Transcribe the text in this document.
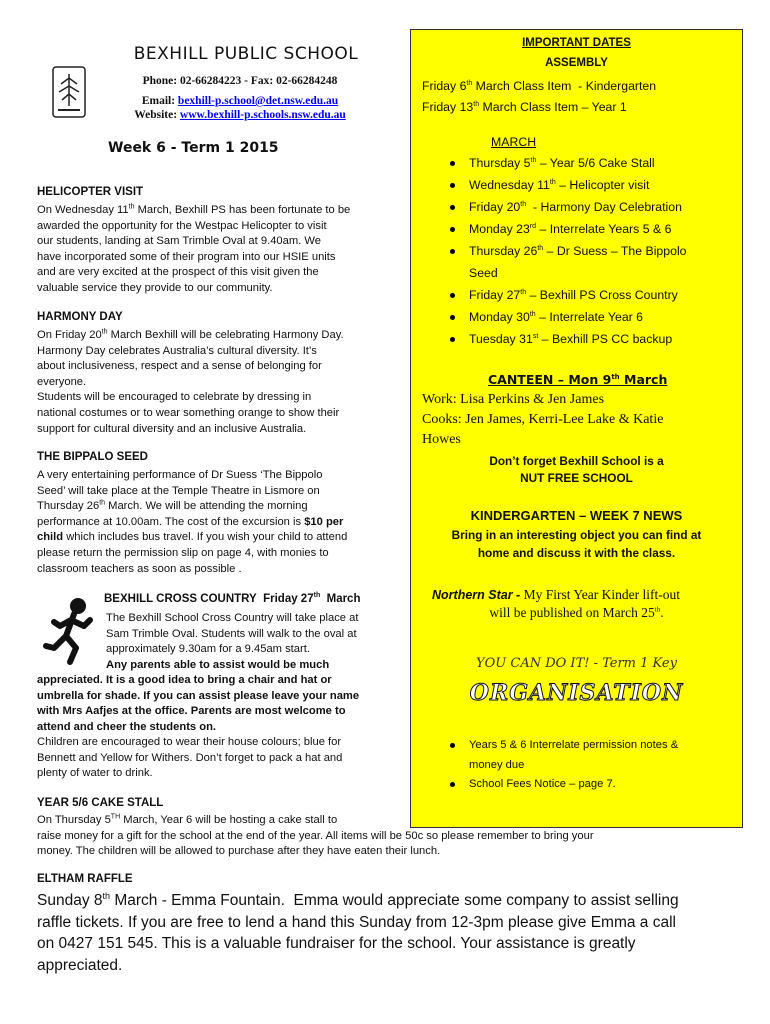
BEXHILL PUBLIC SCHOOL
Phone: 02-66284223 - Fax: 02-66284248
Email: bexhill-p.school@det.nsw.edu.au
Website: www.bexhill-p.schools.nsw.edu.au
Week 6 - Term 1 2015
HELICOPTER VISIT
On Wednesday 11th March, Bexhill PS has been fortunate to be
awarded the opportunity for the Westpac Helicopter to visit
our students, landing at Sam Trimble Oval at 9.40am. We
have incorporated some of their program into our HSIE units
and are very excited at the prospect of this visit given the
valuable service they provide to our community.
HARMONY DAY
On Friday 20th March Bexhill will be celebrating Harmony Day.
Harmony Day celebrates Australia’s cultural diversity. It’s
about inclusiveness, respect and a sense of belonging for
everyone.
Students will be encouraged to celebrate by dressing in
national costumes or to wear something orange to show their
support for cultural diversity and an inclusive Australia.
THE BIPPALO SEED
A very entertaining performance of Dr Suess ‘The Bippolo
Seed’ will take place at the Temple Theatre in Lismore on
Thursday 26th March. We will be attending the morning
performance at 10.00am. The cost of the excursion is $10 per
child which includes bus travel. If you wish your child to attend
please return the permission slip on page 4, with monies to
classroom teachers as soon as possible .
BEXHILL CROSS COUNTRY  Friday 27th  March
The Bexhill School Cross Country will take place at
Sam Trimble Oval. Students will walk to the oval at
approximately 9.30am for a 9.45am start.
Any parents able to assist would be much
appreciated. It is a good idea to bring a chair and hat or
umbrella for shade. If you can assist please leave your name
with Mrs Aafjes at the office. Parents are most welcome to
attend and cheer the students on.
Children are encouraged to wear their house colours; blue for
Bennett and Yellow for Withers. Don’t forget to pack a hat and
plenty of water to drink.
YEAR 5/6 CAKE STALL
On Thursday 5TH March, Year 6 will be hosting a cake stall to
raise money for a gift for the school at the end of the year. All items will be 50c so please remember to bring your
money. The children will be allowed to purchase after they have eaten their lunch.
ELTHAM RAFFLE
Sunday 8th March - Emma Fountain.  Emma would appreciate some company to assist selling
raffle tickets. If you are free to lend a hand this Sunday from 12-3pm please give Emma a call
on 0427 151 545. This is a valuable fundraiser for the school. Your assistance is greatly
appreciated.
IMPORTANT DATES
ASSEMBLY
Friday 6th March Class Item  - Kindergarten
Friday 13th March Class Item – Year 1
MARCH
Thursday 5th – Year 5/6 Cake Stall
Wednesday 11th – Helicopter visit
Friday 20th  - Harmony Day Celebration
Monday 23rd – Interrelate Years 5 & 6
Thursday 26th – Dr Suess – The Bippolo
Seed
Friday 27th – Bexhill PS Cross Country
Monday 30th – Interrelate Year 6
Tuesday 31st – Bexhill PS CC backup
CANTEEN – Mon 9th March
Work: Lisa Perkins & Jen James
Cooks: Jen James, Kerri-Lee Lake & Katie
Howes
Don’t forget Bexhill School is a
NUT FREE SCHOOL
KINDERGARTEN – WEEK 7 NEWS
Bring in an interesting object you can find at
home and discuss it with the class.
Northern Star - My First Year Kinder lift-out
will be published on March 25th.
YOU CAN DO IT! - Term 1 Key
ORGANISATION
Years 5 & 6 Interrelate permission notes &
money due
School Fees Notice – page 7.
